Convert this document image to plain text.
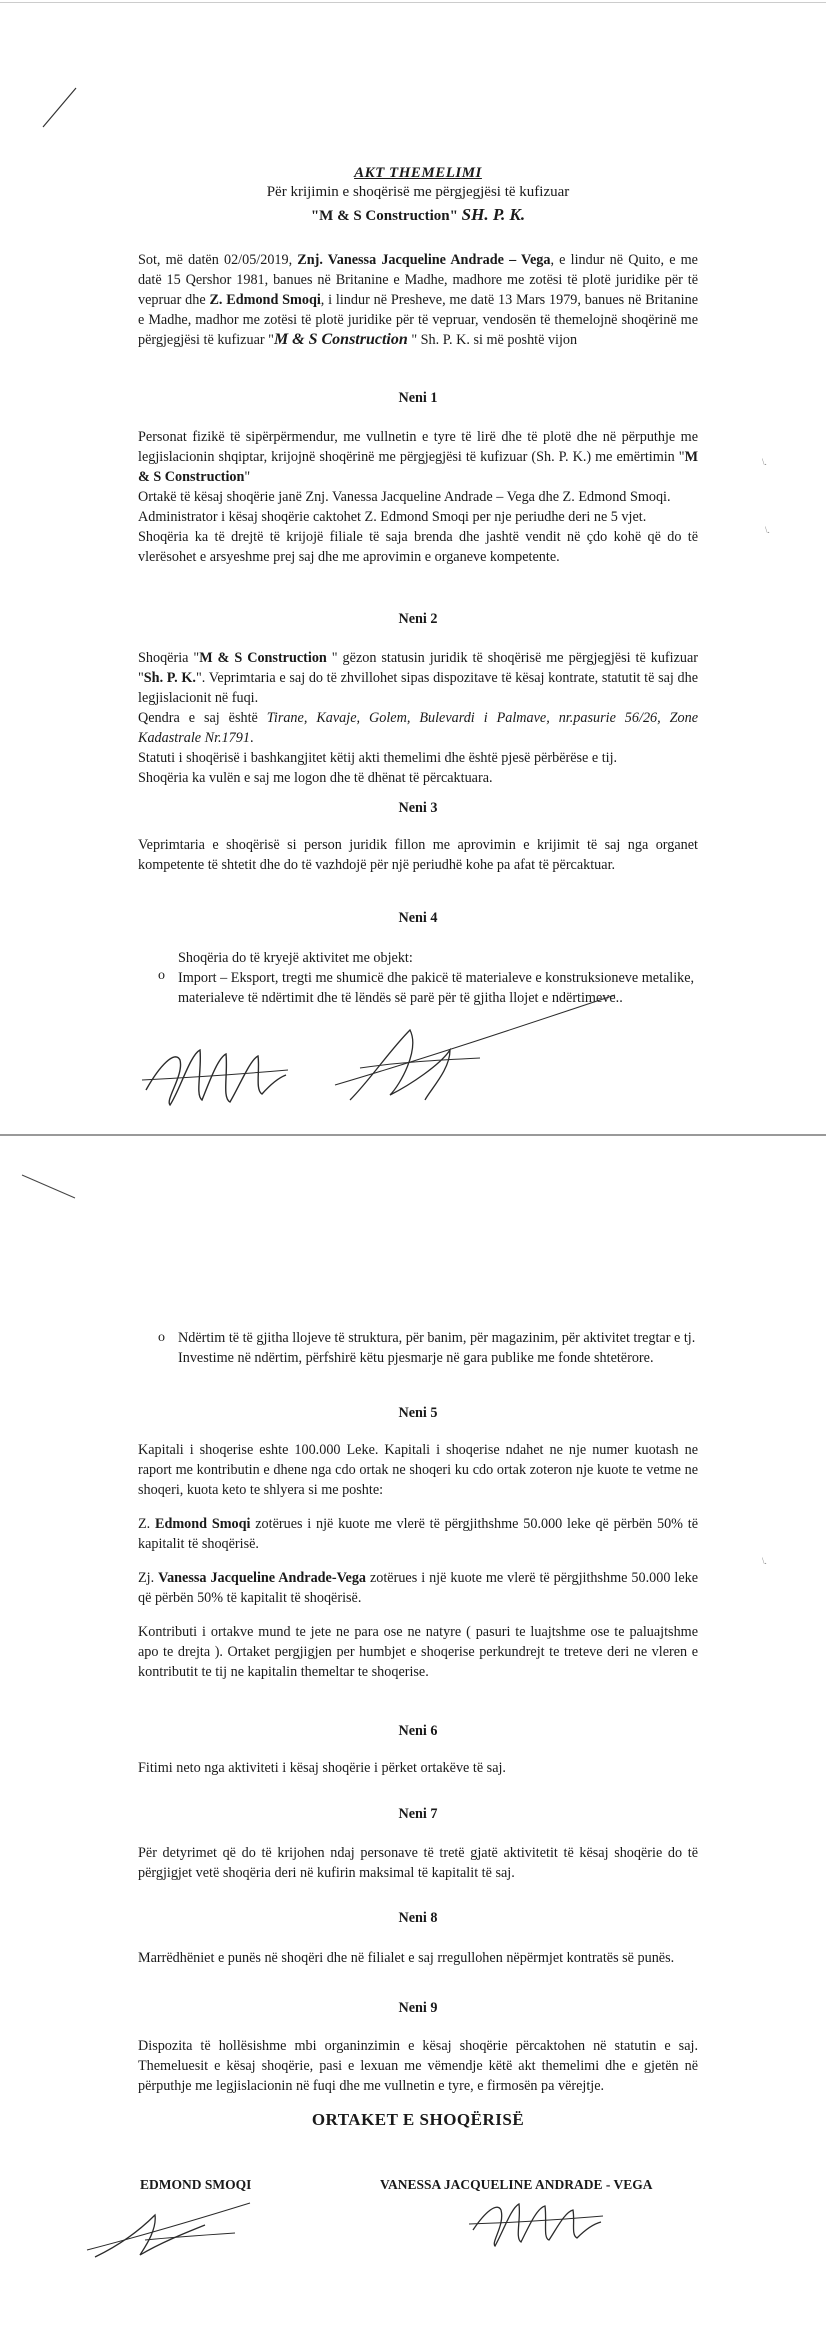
AKT THEMELIMI
Për krijimin e shoqërisë me përgjegjësi të kufizuar
"M & S Construction" SH. P. K.

Sot, më datën 02/05/2019, Znj. Vanessa Jacqueline Andrade – Vega, e lindur në Quito, e me datë 15 Qershor 1981, banues në Britanine e Madhe, madhore me zotësi të plotë juridike për të vepruar dhe Z. Edmond Smoqi, i lindur në Presheve, me datë 13 Mars 1979, banues në Britanine e Madhe, madhor me zotësi të plotë juridike për të vepruar, vendosën të themelojnë shoqërinë me përgjegjësi të kufizuar "M & S Construction " Sh. P. K. si më poshtë vijon

Neni 1

Personat fizikë të sipërpërmendur, me vullnetin e tyre të lirë dhe të plotë dhe në përputhje me legjislacionin shqiptar, krijojnë shoqërinë me përgjegjësi të kufizuar (Sh. P. K.) me emërtimin "M & S Construction"

Ortakë të kësaj shoqërie janë Znj. Vanessa Jacqueline Andrade – Vega dhe Z. Edmond Smoqi.

Administrator i kësaj shoqërie caktohet Z. Edmond Smoqi per nje periudhe deri ne 5 vjet.

Shoqëria ka të drejtë të krijojë filiale të saja brenda dhe jashtë vendit në çdo kohë që do të vlerësohet e arsyeshme prej saj dhe me aprovimin e organeve kompetente.

Neni 2

Shoqëria "M & S Construction " gëzon statusin juridik të shoqërisë me përgjegjësi të kufizuar "Sh. P. K.". Veprimtaria e saj do të zhvillohet sipas dispozitave të kësaj kontrate, statutit të saj dhe legjislacionit në fuqi.

Qendra e saj është Tirane, Kavaje, Golem, Bulevardi i Palmave, nr.pasurie 56/26, Zone Kadastrale Nr.1791.

Statuti i shoqërisë i bashkangjitet këtij akti themelimi dhe është pjesë përbërëse e tij.

Shoqëria ka vulën e saj me logon dhe të dhënat të përcaktuara.

Neni 3

Veprimtaria e shoqërisë si person juridik fillon me aprovimin e krijimit të saj nga organet kompetente të shtetit dhe do të vazhdojë për një periudhë kohe pa afat të përcaktuar.

Neni 4
Shoqëria do të kryejë aktivitet me objekt:
o Import – Eksport, tregti me shumicë dhe pakicë të materialeve e konstruksioneve metalike, materialeve të ndërtimit dhe të lëndës së parë për të gjitha llojet e ndërtimeve..
\.
\.
o Ndërtim të të gjitha llojeve të struktura, për banim, për magazinim, për aktivitet tregtar e tj. Investime në ndërtim, përfshirë këtu pjesmarje në gara publike me fonde shtetërore.
Neni 5

Kapitali i shoqerise eshte 100.000 Leke. Kapitali i shoqerise ndahet ne nje numer kuotash ne raport me kontributin e dhene nga cdo ortak ne shoqeri ku cdo ortak zoteron nje kuote te vetme ne shoqeri, kuota keto te shlyera si me poshte:

Z. Edmond Smoqi zotërues i një kuote me vlerë të përgjithshme 50.000 leke që përbën 50% të kapitalit të shoqërisë.

Zj. Vanessa Jacqueline Andrade-Vega zotërues i një kuote me vlerë të përgjithshme 50.000 leke që përbën 50% të kapitalit të shoqërisë.

Kontributi i ortakve mund te jete ne para ose ne natyre ( pasuri te luajtshme ose te paluajtshme apo te drejta ). Ortaket pergjigjen per humbjet e shoqerise perkundrejt te treteve deri ne vleren e kontributit te tij ne kapitalin themeltar te shoqerise.

Neni 6
Fitimi neto nga aktiviteti i kësaj shoqërie i përket ortakëve të saj.
Neni 7
Për detyrimet që do të krijohen ndaj personave të tretë gjatë aktivitetit të kësaj shoqërie do të përgjigjet vetë shoqëria deri në kufirin maksimal të kapitalit të saj.
Neni 8
Marrëdhëniet e punës në shoqëri dhe në filialet e saj rregullohen nëpërmjet kontratës së punës.
Neni 9
Dispozita të hollësishme mbi organinzimin e kësaj shoqërie përcaktohen në statutin e saj. Themeluesit e kësaj shoqërie, pasi e lexuan me vëmendje këtë akt themelimi dhe e gjetën në përputhje me legjislacionin në fuqi dhe me vullnetin e tyre, e firmosën pa vërejtje.
\.
ORTAKET E SHOQËRISË
EDMOND SMOQI	VANESSA JACQUELINE ANDRADE - VEGA
